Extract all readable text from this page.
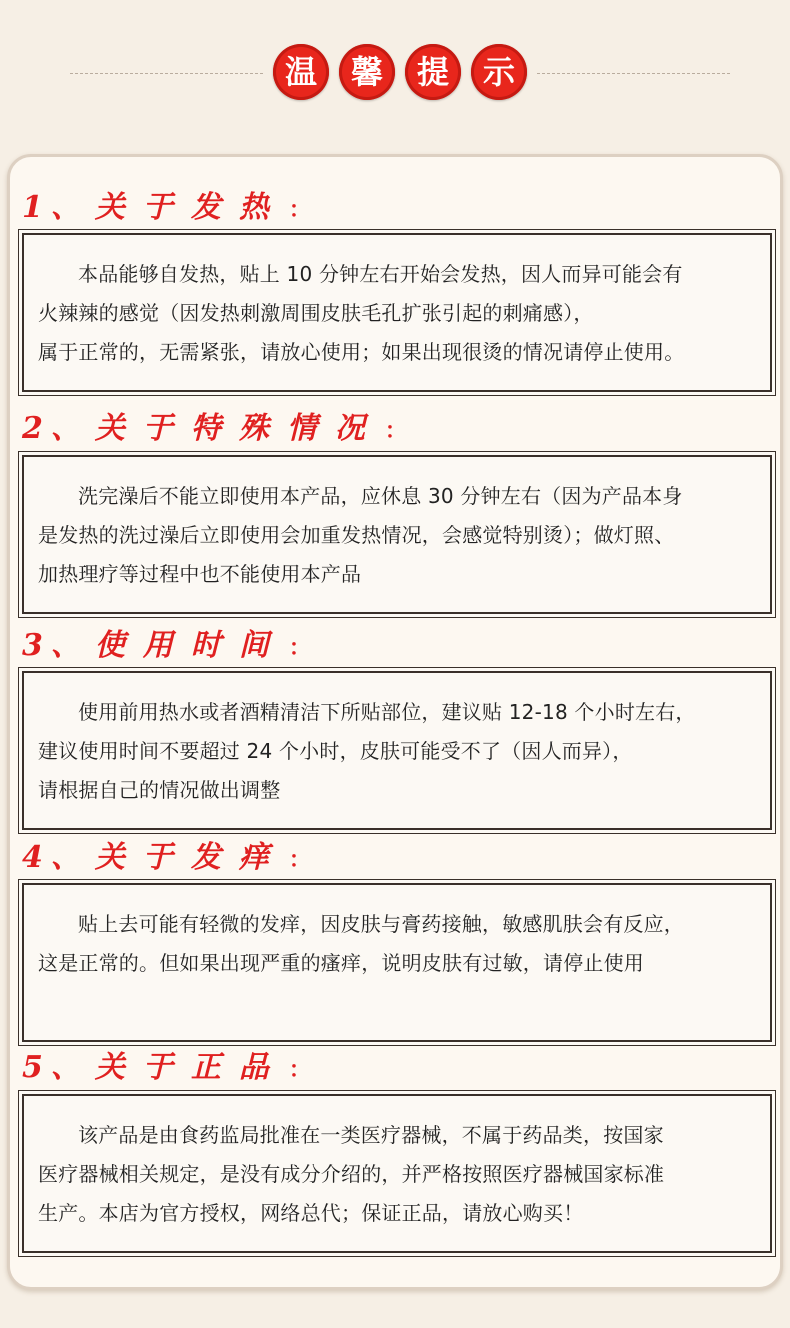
温	馨	提	示
1 、 关于发热：

本品能够自发热，贴上 10 分钟左右开始会发热，因人而异可能会有

火辣辣的感觉（因发热刺激周围皮肤毛孔扩张引起的刺痛感），

属于正常的，无需紧张，请放心使用；如果出现很烫的情况请停止使用。

2 、 关于特殊情况：

洗完澡后不能立即使用本产品，应休息 30 分钟左右（因为产品本身

是发热的洗过澡后立即使用会加重发热情况，会感觉特别烫）；做灯照、

加热理疗等过程中也不能使用本产品

3 、 使用时间：

使用前用热水或者酒精清洁下所贴部位，建议贴 12-18 个小时左右，

建议使用时间不要超过 24 个小时，皮肤可能受不了（因人而异），

请根据自己的情况做出调整

4 、 关于发痒：

贴上去可能有轻微的发痒，因皮肤与膏药接触，敏感肌肤会有反应，

这是正常的。但如果出现严重的瘙痒，说明皮肤有过敏，请停止使用

5 、 关于正品：

该产品是由食药监局批准在一类医疗器械，不属于药品类，按国家

医疗器械相关规定，是没有成分介绍的，并严格按照医疗器械国家标准

生产。本店为官方授权，网络总代；保证正品，请放心购买！
